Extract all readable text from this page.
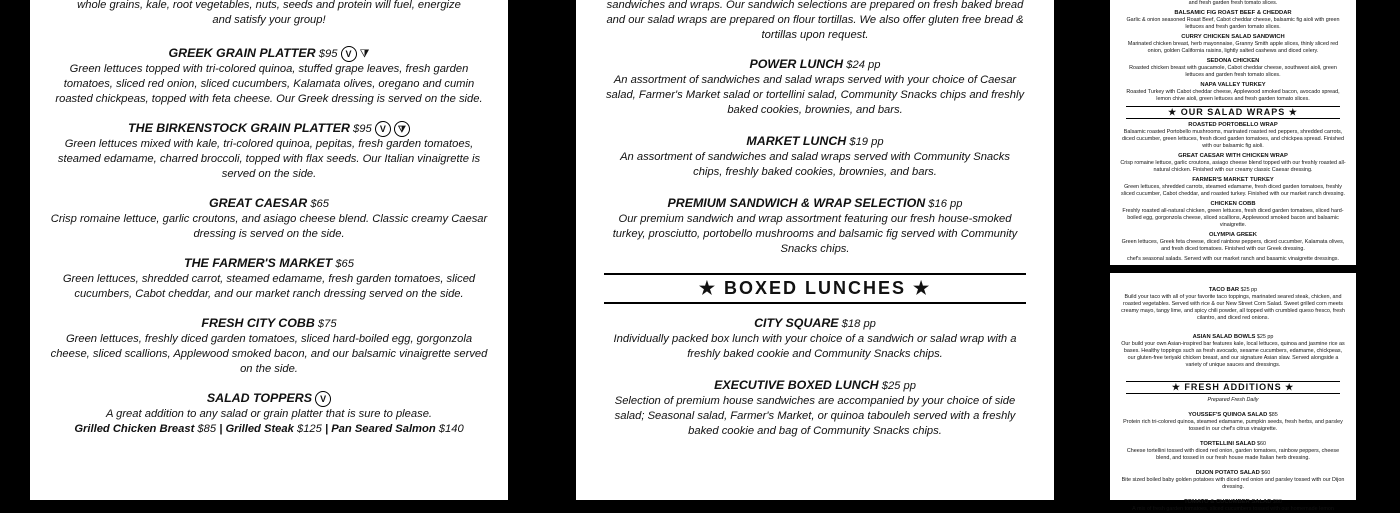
whole grains, kale, root vegetables, nuts, seeds and protein will fuel, energize and satisfy your group!
GREEK GRAIN PLATTER $95 V ⧩
Green lettuces topped with tri-colored quinoa, stuffed grape leaves, fresh garden tomatoes, sliced red onion, sliced cucumbers, Kalamata olives, oregano and cumin roasted chickpeas, topped with feta cheese. Our Greek dressing is served on the side.
THE BIRKENSTOCK GRAIN PLATTER $95 V ⧩
Green lettuces mixed with kale, tri-colored quinoa, pepitas, fresh garden tomatoes, steamed edamame, charred broccoli, topped with flax seeds. Our Italian vinaigrette is served on the side.
GREAT CAESAR $65
Crisp romaine lettuce, garlic croutons, and asiago cheese blend. Classic creamy Caesar dressing is served on the side.
THE FARMER'S MARKET $65
Green lettuces, shredded carrot, steamed edamame, fresh garden tomatoes, sliced cucumbers, Cabot cheddar, and our market ranch dressing served on the side.
FRESH CITY COBB $75
Green lettuces, freshly diced garden tomatoes, sliced hard-boiled egg, gorgonzola cheese, sliced scallions, Applewood smoked bacon, and our balsamic vinaigrette served on the side.
SALAD TOPPERS V
A great addition to any salad or grain platter that is sure to please.
Grilled Chicken Breast $85 | Grilled Steak $125 | Pan Seared Salmon $140
sandwiches and wraps. Our sandwich selections are prepared on fresh baked bread and our salad wraps are prepared on flour tortillas. We also offer gluten free bread & tortillas upon request.
POWER LUNCH $24 pp
An assortment of sandwiches and salad wraps served with your choice of Caesar salad, Farmer's Market salad or tortellini salad, Community Snacks chips and freshly baked cookies, brownies, and bars.
MARKET LUNCH $19 pp
An assortment of sandwiches and salad wraps served with Community Snacks chips, freshly baked cookies, brownies, and bars.
PREMIUM SANDWICH & WRAP SELECTION $16 pp
Our premium sandwich and wrap assortment featuring our fresh house-smoked turkey, prosciutto, portobello mushrooms and balsamic fig served with Community Snacks chips.
★ BOXED LUNCHES ★
CITY SQUARE $18 pp
Individually packed box lunch with your choice of a sandwich or salad wrap with a freshly baked cookie and Community Snacks chips.
EXECUTIVE BOXED LUNCH $25 pp
Selection of premium house sandwiches are accompanied by your choice of side salad; Seasonal salad, Farmer's Market, or quinoa tabouleh served with a freshly baked cookie and bag of Community Snacks chips.
and fresh garden fresh tomato slices.
BALSAMIC FIG ROAST BEEF & CHEDDAR
Garlic & onion seasoned Roast Beef, Cabot cheddar cheese, balsamic fig aioli with green lettuces and fresh garden tomato slices.
CURRY CHICKEN SALAD SANDWICH
Marinated chicken breast, herb mayonnaise, Granny Smith apple slices, thinly sliced red onion, golden California raisins, lightly salted cashews and diced celery.
SEDONA CHICKEN
Roasted chicken breast with guacamole, Cabot cheddar cheese, southwest aioli, green lettuces and garden fresh tomato slices.
NAPA VALLEY TURKEY
Roasted Turkey with Cabot cheddar cheese, Applewood smoked bacon, avocado spread, lemon chive aioli, green lettuces and fresh garden tomato slices.
★ OUR SALAD WRAPS ★
ROASTED PORTOBELLO WRAP
Balsamic roasted Portobello mushrooms, marinated roasted red peppers, shredded carrots, diced cucumber, green lettuces, fresh diced garden tomatoes, and chickpea spread. Finished with our balsamic fig aioli.
GREAT CAESAR WITH CHICKEN WRAP
Crisp romaine lettuce, garlic croutons, asiago cheese blend topped with our freshly roasted all-natural chicken. Finished with our creamy classic Caesar dressing.
FARMER'S MARKET TURKEY
Green lettuces, shredded carrots, steamed edamame, fresh diced garden tomatoes, freshly sliced cucumber, Cabot cheddar, and roasted turkey. Finished with our market ranch dressing.
CHICKEN COBB
Freshly roasted all-natural chicken, green lettuces, fresh diced garden tomatoes, sliced hard-boiled egg, gorgonzola cheese, sliced scallions, Applewood smoked bacon and balsamic vinaigrette.
OLYMPIA GREEK
Green lettuces, Greek feta cheese, diced rainbow peppers, diced cucumber, Kalamata olives, and fresh diced tomatoes. Finished with our Greek dressing.
chef's seasonal salads. Served with our market ranch and basamic vinaigrette dressings.
TACO BAR $25 pp
Build your taco with all of your favorite taco toppings, marinated seared steak, chicken, and roasted vegetables. Served with rice & our New Street Corn Salad. Sweet grilled corn meets creamy mayo, tangy lime, and spicy chili powder, all topped with crumbled queso fresco, fresh cilantro, and diced red onions.
ASIAN SALAD BOWLS $25 pp
Our build your own Asian-inspired bar features kale, local lettuces, quinoa and jasmine rice as bases. Healthy toppings such as fresh avocado, sesame cucumbers, edamame, chickpeas, our gluten-free teriyaki chicken breast, and our signature Asian slaw. Served alongside a variety of unique sauces and dressings.
★ FRESH ADDITIONS ★
Prepared Fresh Daily
YOUSSEF'S QUINOA SALAD $85
Protein rich tri-colored quinoa, steamed edamame, pumpkin seeds, fresh herbs, and parsley tossed in our chef's citrus vinaigrette.
TORTELLINI SALAD $60
Cheese tortellini tossed with diced red onion, garden tomatoes, rainbow peppers, cheese blend, and tossed in our fresh house made Italian herb dressing.
DIJON POTATO SALAD $60
Bite sized boiled baby golden potatoes with diced red onion and parsley tossed with our Dijon dressing.
TOMATO & CUCUMBER SALAD $60
A mix of fresh garden tomatoes, sliced cucumbers tossed with our homemade lemon
